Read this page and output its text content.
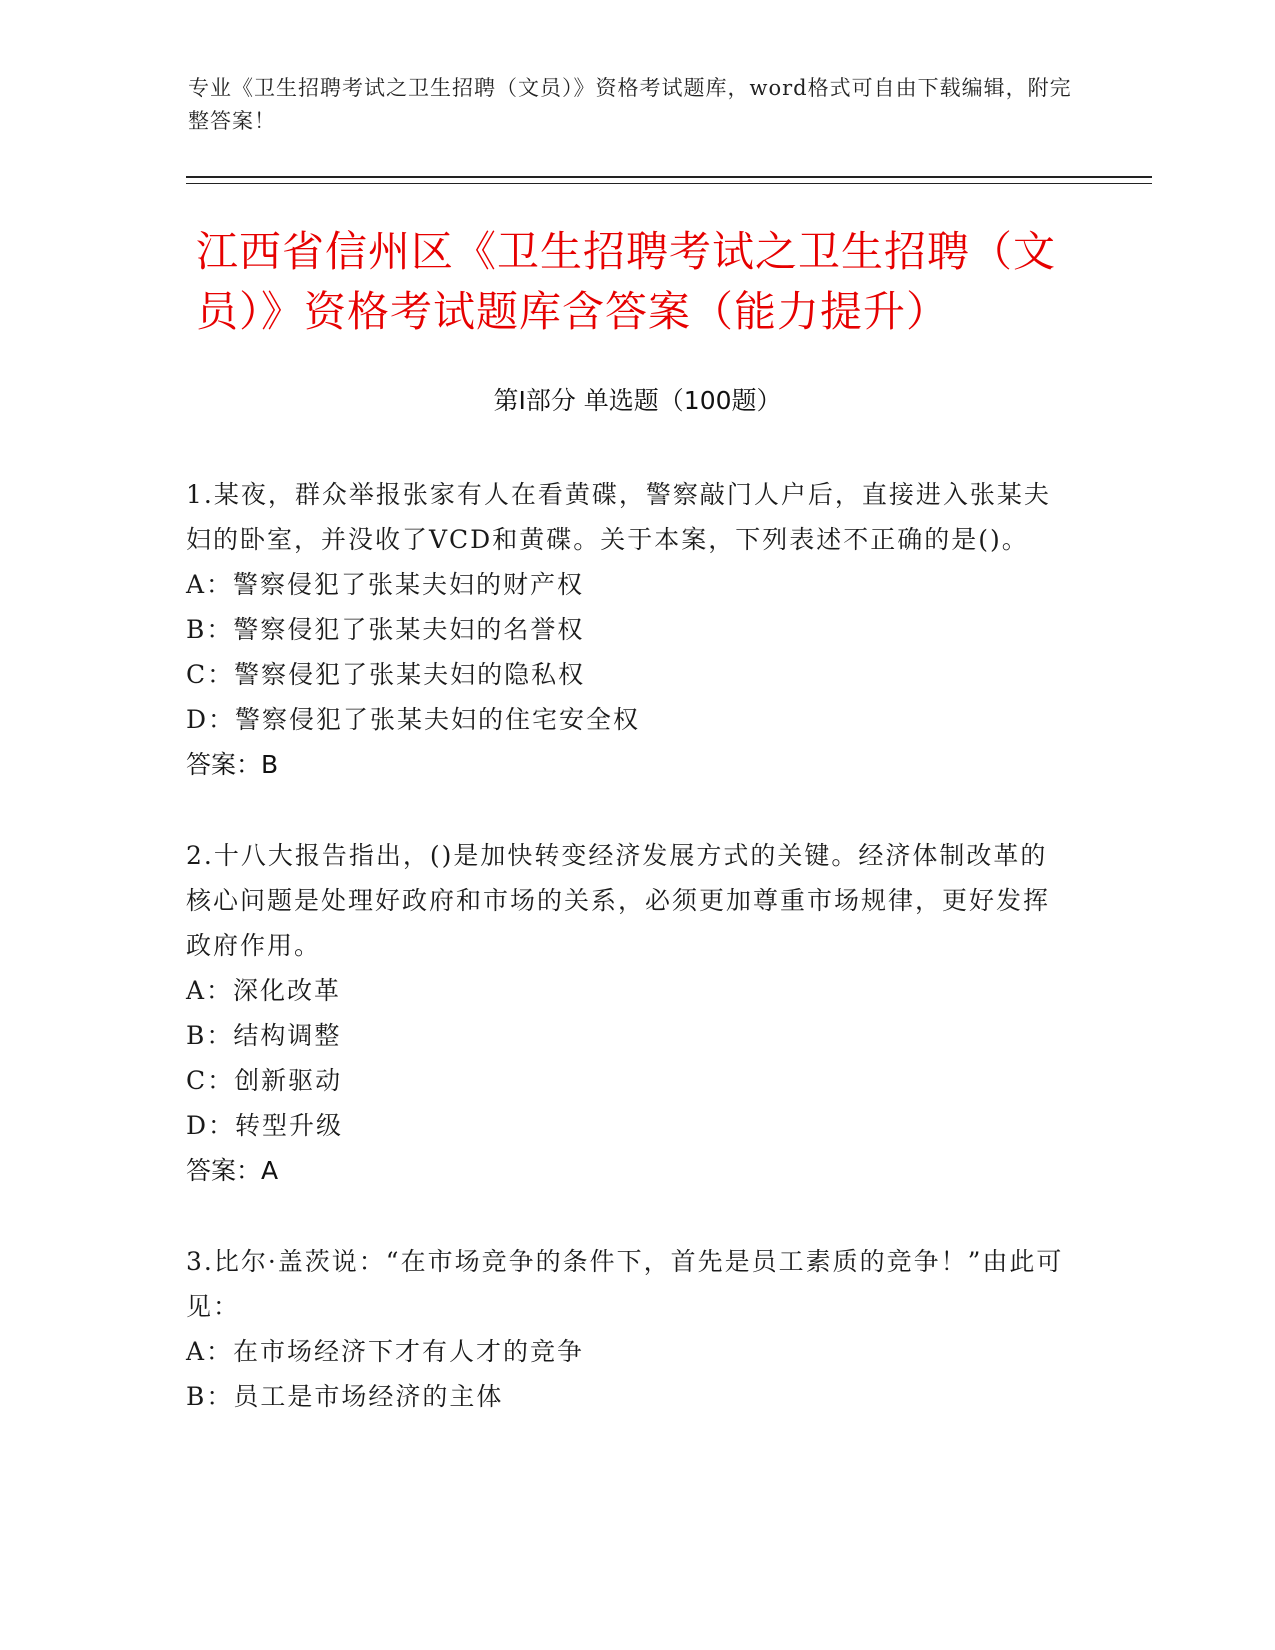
专业《卫生招聘考试之卫生招聘（文员）》资格考试题库，word格式可自由下载编辑，附完整答案！
江西省信州区《卫生招聘考试之卫生招聘（文员）》资格考试题库含答案（能力提升）
第Ⅰ部分 单选题（100题）
1.某夜，群众举报张家有人在看黄碟，警察敲门人户后，直接进入张某夫妇的卧室，并没收了VCD和黄碟。关于本案，下列表述不正确的是()。
A：警察侵犯了张某夫妇的财产权
B：警察侵犯了张某夫妇的名誉权
C：警察侵犯了张某夫妇的隐私权
D：警察侵犯了张某夫妇的住宅安全权
答案：B
2.十八大报告指出，()是加快转变经济发展方式的关键。经济体制改革的核心问题是处理好政府和市场的关系，必须更加尊重市场规律，更好发挥政府作用。
A：深化改革
B：结构调整
C：创新驱动
D：转型升级
答案：A
3.比尔·盖茨说：“在市场竞争的条件下，首先是员工素质的竞争！”由此可见：
A：在市场经济下才有人才的竞争
B：员工是市场经济的主体
